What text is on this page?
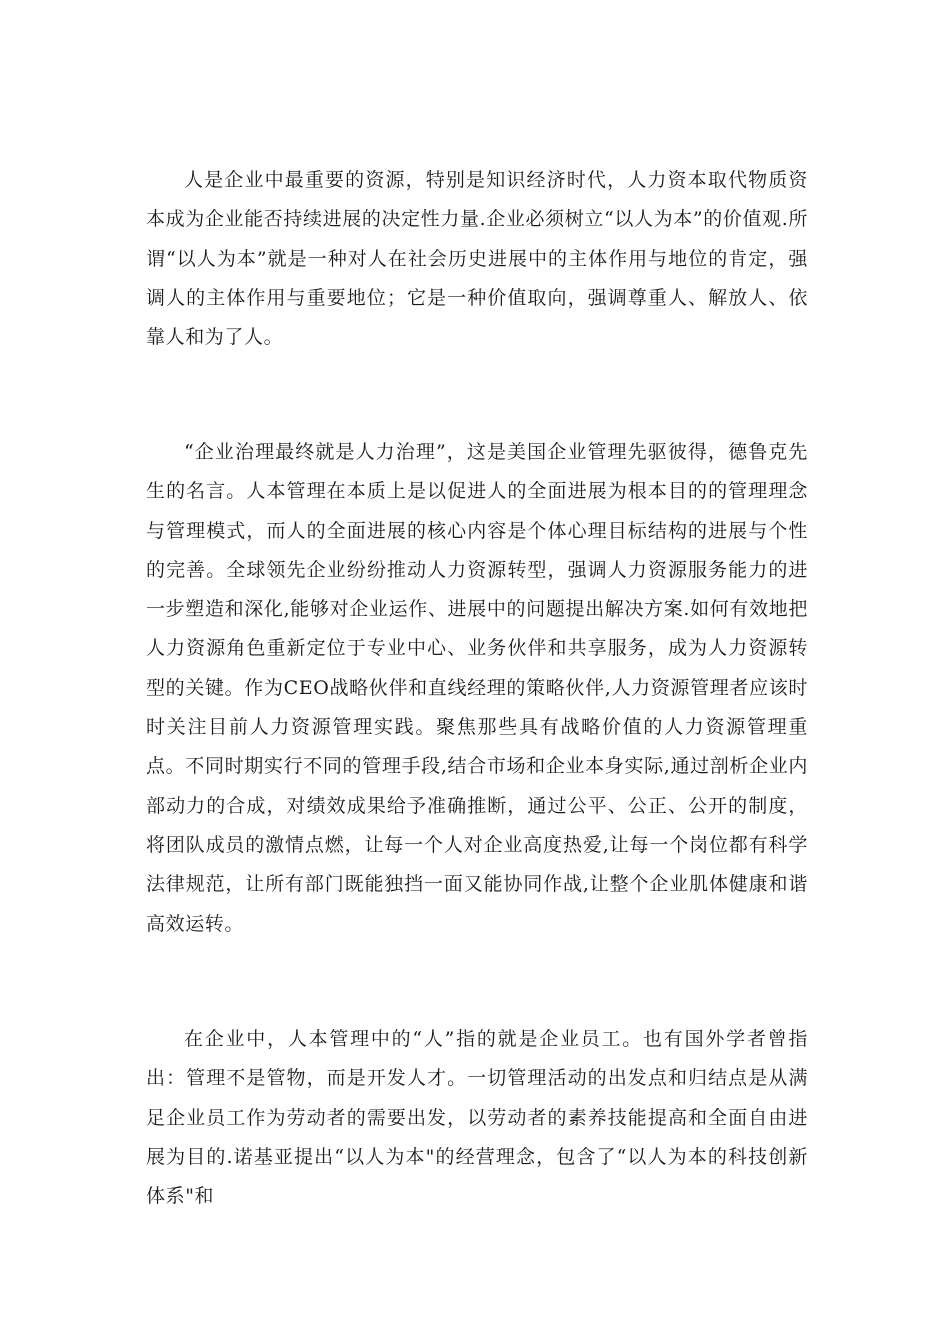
人是企业中最重要的资源，特别是知识经济时代，人力资本取代物质资本成为企业能否持续进展的决定性力量.企业必须树立“以人为本”的价值观.所谓“以人为本”就是一种对人在社会历史进展中的主体作用与地位的肯定，强调人的主体作用与重要地位；它是一种价值取向，强调尊重人、解放人、依靠人和为了人。

“企业治理最终就是人力治理”，这是美国企业管理先驱彼得，德鲁克先生的名言。人本管理在本质上是以促进人的全面进展为根本目的的管理理念与管理模式，而人的全面进展的核心内容是个体心理目标结构的进展与个性的完善。全球领先企业纷纷推动人力资源转型，强调人力资源服务能力的进一步塑造和深化,能够对企业运作、进展中的问题提出解决方案.如何有效地把人力资源角色重新定位于专业中心、业务伙伴和共享服务，成为人力资源转型的关键。作为CEO战略伙伴和直线经理的策略伙伴,人力资源管理者应该时时关注目前人力资源管理实践。聚焦那些具有战略价值的人力资源管理重点。不同时期实行不同的管理手段,结合市场和企业本身实际,通过剖析企业内部动力的合成，对绩效成果给予准确推断，通过公平、公正、公开的制度，将团队成员的激情点燃，让每一个人对企业高度热爱,让每一个岗位都有科学法律规范，让所有部门既能独挡一面又能协同作战,让整个企业肌体健康和谐高效运转。

在企业中，人本管理中的“人”指的就是企业员工。也有国外学者曾指出：管理不是管物，而是开发人才。一切管理活动的出发点和归结点是从满足企业员工作为劳动者的需要出发，以劳动者的素养技能提高和全面自由进展为目的.诺基亚提出“以人为本"的经营理念，包含了“以人为本的科技创新体系"和
